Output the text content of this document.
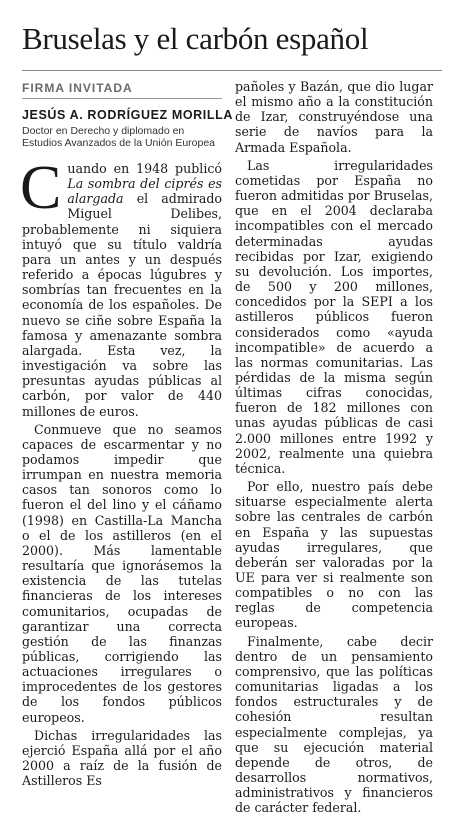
Bruselas y el carbón español
FIRMA INVITADA
JESÚS A. RODRÍGUEZ MORILLA
Doctor en Derecho y diplomado en Estudios Avanzados de la Unión Europea

Cuando en 1948 publicó La sombra del ciprés es alargada el admirado Miguel Delibes, probablemente ni siquiera intuyó que su título valdría para un antes y un después referido a épocas lúgubres y sombrías tan frecuentes en la economía de los españoles. De nuevo se ciñe sobre España la famosa y amenazante sombra alargada. Esta vez, la investigación va sobre las presuntas ayudas públicas al carbón, por valor de 440 millones de euros.

Conmueve que no seamos capaces de escarmentar y no podamos impedir que irrumpan en nuestra memoria casos tan sonoros como lo fueron el del lino y el cáñamo (1998) en Castilla-La Mancha o el de los astilleros (en el 2000). Más lamentable resultaría que ignorásemos la existencia de las tutelas financieras de los intereses comunitarios, ocupadas de garantizar una correcta gestión de las finanzas públicas, corrigiendo las actuaciones irregulares o improcedentes de los gestores de los fondos públicos europeos.

Dichas irregularidades las ejerció España allá por el año 2000 a raíz de la fusión de Astilleros Es

pañoles y Bazán, que dio lugar el mismo año a la constitución de Izar, construyéndose una serie de navíos para la Armada Española.

Las irregularidades cometidas por España no fueron admitidas por Bruselas, que en el 2004 declaraba incompatibles con el mercado determinadas ayudas recibidas por Izar, exigiendo su devolución. Los importes, de 500 y 200 millones, concedidos por la SEPI a los astilleros públicos fueron considerados como «ayuda incompatible» de acuerdo a las normas comunitarias. Las pérdidas de la misma según últimas cifras conocidas, fueron de 182 millones con unas ayudas públicas de casi 2.000 millones entre 1992 y 2002, realmente una quiebra técnica.

Por ello, nuestro país debe situarse especialmente alerta sobre las centrales de carbón en España y las supuestas ayudas irregulares, que deberán ser valoradas por la UE para ver si realmente son compatibles o no con las reglas de competencia europeas.

Finalmente, cabe decir dentro de un pensamiento comprensivo, que las políticas comunitarias ligadas a los fondos estructurales y de cohesión resultan especialmente complejas, ya que su ejecución material depende de otros, de desarrollos normativos, administrativos y financieros de carácter federal.
